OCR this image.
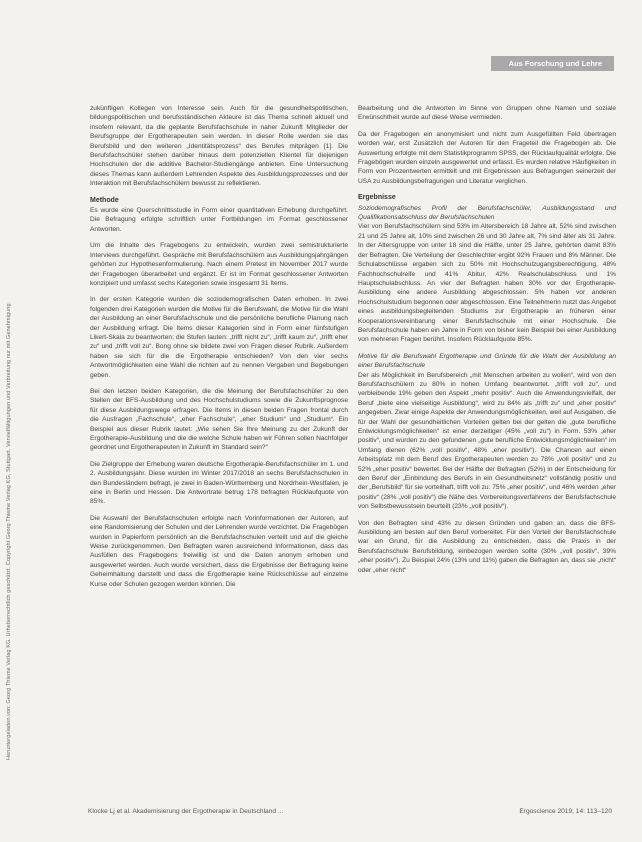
Heruntergeladen von: Georg Thieme Verlag KG. Urheberrechtlich geschützt. Copyright Georg Thieme Verlag KG, Stuttgart. Vervielfältigungen und Verbreitung nur mit Genehmigung.
Aus Forschung und Lehre

zukünftigen Kollegen von Interesse sein. Auch für die gesundheitspolitischen, bildungspolitischen und berufsständischen Akteure ist das Thema schnell aktuell und insofern relevant, da die geplante Berufsfachschule in naher Zukunft Mitglieder der Berufsgruppe der Ergotherapeuten sein werden. In dieser Rolle werden sie das Berufsbild und den weiteren „Identitätsprozess“ des Berufes mitprägen [1]. Die Berufsfachschüler stehen darüber hinaus dem potenziellen Klientel für diejenigen Hochschulen der die additive Bachelor-Studiengänge anbieten. Eine Untersuchung dieses Themas kann außerdem Lehrenden Aspekte des Ausbildungsprozesses und der Interaktion mit Berufsfachschülern bewusst zu reflektieren.

Methode

Es wurde eine Querschnittsstudie in Form einer quantitativen Erhebung durchgeführt. Die Befragung erfolgte schriftlich unter Fortbildungen im Format geschlossener Antworten.

Um die Inhalte des Fragebogens zu entwickeln, wurden zwei semistrukturierte Interviews durchgeführt. Gespräche mit Berufsfachschülern aus Ausbildungsjahrgängen gehörten zur Hypothesenformulierung. Nach einem Pretest im November 2017 wurde der Fragebogen überarbeitet und ergänzt. Er ist im Format geschlossener Antworten konzipiert und umfasst sechs Kategorien sowie insgesamt 31 Items.

In der ersten Kategorie wurden die soziodemografischen Daten erhoben. In zwei folgenden drei Kategorien wurden die Motive für die Berufswahl, die Motive für die Wahl der Ausbildung an einer Berufsfachschule und die persönliche berufliche Planung nach der Ausbildung erfragt. Die Items dieser Kategorien sind in Form einer fünfstufigen Likert-Skala zu beantworten; die Stufen lauten: „trifft nicht zu“, „trifft kaum zu“, „trifft eher zu“ und „trifft voll zu“. Bong ohne sie bildete zwei von Fragen dieser Rubrik. Außerdem haben sie sich für die die Ergotherapie entschieden? Von den vier sechs Antwortmöglichkeiten eine Wahl die richten auf zu nennen Vergaben und Begebungen geben.

Bei den letzten beiden Kategorien, die die Meinung der Berufsfachschüler zu den Stellen der BFS-Ausbildung und des Hochschulstudiums sowie die Zukunftsprognose für diese Ausbildungswege erfragen. Die Items in diesen beiden Fragen frontal durch die Ausfragen „Fachschule“, „eher Fachschule“, „eher Studium“ und „Studium“. Ein Beispiel aus dieser Rubrik lautet: „Wie sehen Sie Ihre Meinung zu der Zukunft der Ergotherapie-Ausbildung und die die welche Schule haben wir Führen sollen Nachfolger geordnet und Ergotherapeuten in Zukunft im Standard sein?“

Die Zielgruppe der Erhebung waren deutsche Ergotherapie-Berufsfachschüler im 1. und 2. Ausbildungsjahr. Diese wurden im Winter 2017/2018 an sechs Berufsfachschulen in den Bundesländern befragt, je zwei in Baden-Württemberg und Nordrhein-Westfalen, je eine in Berlin und Hessen. Die Antwortrate betrug 178 befragten Rücklaufquote von 85%.

Die Auswahl der Berufsfachschulen erfolgte nach Vorinformationen der Autoren, auf eine Randomisierung der Schulen und der Lehrenden wurde verzichtet. Die Fragebögen wurden in Papierform persönlich an die Berufsfachschulen verteilt und auf die gleiche Weise zurückgenommen. Den Befragten waren ausreichend Informationen, dass das Ausfüllen des Fragebogens freiwillig ist und die Daten anonym erhoben und ausgewertet werden. Auch wurde versichert, dass die Ergebnisse der Befragung keine Geheimhaltung darstellt und dass die Ergotherapie keine Rückschlüsse auf einzelne Kurse oder Schulen gezogen werden können. Die

Bearbeitung und die Antworten im Sinne von Gruppen ohne Namen und soziale Erwünschtheit wurde auf diese Weise vermieden.

Da der Fragebogen ein anonymisiert und nicht zum Ausgefüllten Feld übertragen worden war, erst Zusätzlich der Autoren für den Frageteil die Fragebogen ab. Die Auswertung erfolgte mit dem Statistikprogramm SPSS, der Rücklaufqualität erfolgte. Die Fragebögen wurden einzeln ausgewertet und erfasst. Es wurden relative Häufigkeiten in Form von Prozentwerten ermittelt und mit Ergebnissen aus Befragungen seinerzeit der USA zu Ausbildungsbefragungen und Literatur verglichen.

Ergebnisse

Soziodemografisches Profil der Berufsfachschüler, Ausbildungsstand und Qualifikationsabschluss der Berufsfachschulen

Vier von Berufsfachschülern sind 53% im Altersbereich 18 Jahre alt, 52% sind zwischen 21 und 25 Jahre alt, 10% sind zwischen 26 und 30 Jahre alt, 7% sind älter als 31 Jahre. In der Altersgruppe von unter 18 sind die Hälfte, unter 25 Jahre, gehörten damit 83% der Befragten. Die Verteilung der Geschlechter ergibt 92% Frauen und 8% Männer. Die Schulabschlüsse ergaben sich zu 50% mit Hochschulzugangsberechtigung, 48% Fachhochschulreife und 41% Abitur, 42% Realschulabschluss und 1% Hauptschulabschluss. An vier der Befragten haben 30% vor der Ergotherapie-Ausbildung eine andere Ausbildung abgeschlossen. 5% haben vor anderen Hochschulstudium begonnen oder abgeschlossen. Eine Teilnehmerin nutzt das Angebot eines ausbildungsbegleitenden Studiums zur Ergotherapie an früheren einer Kooperationsvereinbarung einer Berufsfachschule mit einer Hochschule. Die Berufsfachschule haben ein Jahre in Form von bisher kein Beispiel bei einer Ausbildung von mehreren Fragen berührt. Insofern Rücklaufquote 85%.

Motive für die Berufswahl Ergotherapie und Gründe für die Wahl der Ausbildung an einer Berufsfachschule

Der als Möglichkeit im Berufsbereich „mit Menschen arbeiten zu wollen“, wird von den Berufsfachschülern zu 80% in hohen Umfang beantwortet. „trifft voll zu“, und verbleibende 19% geben den Aspekt „mehr positiv“. Auch die Anwendungsvielfalt, der Beruf „biete eine vielseitige Ausbildung“, wird zu 84% als „trifft zu“ und „eher positiv“ angegeben. Zwar einige Aspekte der Anwendungsmöglichkeiten, weil auf Ausgaben, die für der Wahl der gesundheitlichen Vorteilen gelten bei der gelten die „gute berufliche Entwicklungsmöglichkeiten“ ist einer derzeitiger (45% „voll zu“) in Form. 53% „eher positiv“, und wurden zu den gefundenen „gute berufliche Entwicklungsmöglichkeiten“ im Umfang dienen (62% „voll positiv“, 48% „eher positiv“). Die Chancen auf einen Arbeitsplatz mit dem Beruf des Ergotherapeuten werden zu 78% „voll positiv“ und zu 52% „eher positiv“ bewertet. Bei der Hälfte der Befragten (52%) in der Entscheidung für den Beruf der „Einbindung des Berufs in ein Gesundheitsnetz“ vollständig positiv und der „Berufsbild“ für sie vorteilhaft, trifft voll zu: 75% „eher positiv“, und 46% werden „eher positiv“ (28% „voll positiv“) die Nähe des Vorbereitungsverfahrens der Berufsfachschule von Selbstbewusstsein beurteilt (23% „voll positiv“).

Von den Befragten sind 43% zu diesen Gründen und gaben an, dass die BFS-Ausbildung am besten auf den Beruf vorbereitet. Für den Vorteil der Berufsfachschule war ein Grund, für die Ausbildung zu entscheiden, dass die Praxis in der Berufsfachschule Berufsbildung, einbezogen werden sollte (30% „voll positiv“, 39% „eher positiv“). Zu Beispiel 24% (13% und 11%) gaben die Befragten an, dass sie „nicht“ oder „eher nicht“

Klocke Lj et al. Akademisierung der Ergotherapie in Deutschland ...	Ergoscience 2019; 14: 113–120
